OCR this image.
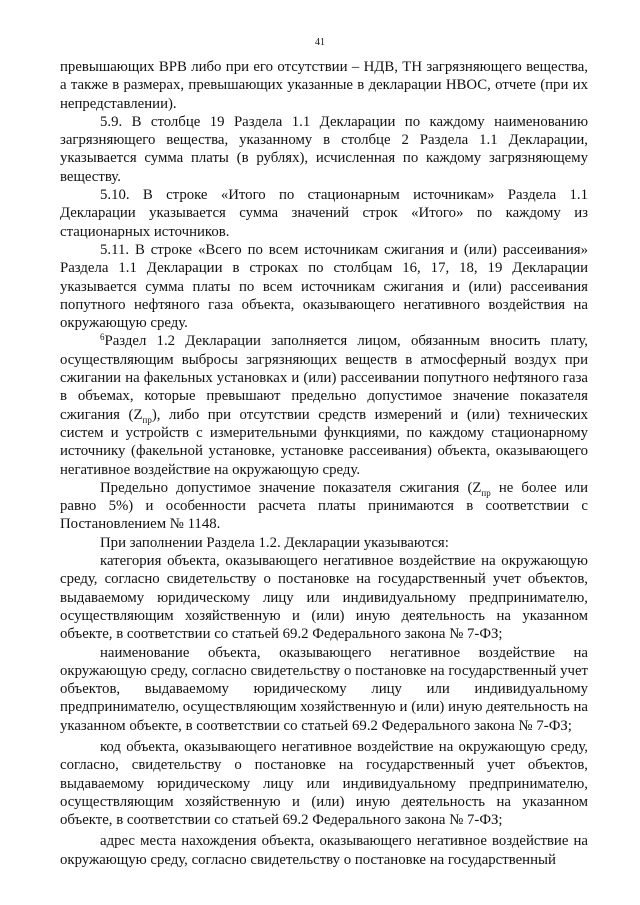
41

превышающих ВРВ либо при его отсутствии – НДВ, ТН загрязняющего вещества, а также в размерах, превышающих указанные в декларации НВОС, отчете (при их непредставлении).

5.9. В столбце 19 Раздела 1.1 Декларации по каждому наименованию загрязняющего вещества, указанному в столбце 2 Раздела 1.1 Декларации, указывается сумма платы (в рублях), исчисленная по каждому загрязняющему веществу.

5.10. В строке «Итого по стационарным источникам» Раздела 1.1 Декларации указывается сумма значений строк «Итого» по каждому из стационарных источников.

5.11. В строке «Всего по всем источникам сжигания и (или) рассеивания» Раздела 1.1 Декларации в строках по столбцам 16, 17, 18, 19 Декларации указывается сумма платы по всем источникам сжигания и (или) рассеивания попутного нефтяного газа объекта, оказывающего негативного воздействия на окружающую среду.

$^6$Раздел 1.2 Декларации заполняется лицом, обязанным вносить плату, осуществляющим выбросы загрязняющих веществ в атмосферный воздух при сжигании на факельных установках и (или) рассеивании попутного нефтяного газа в объемах, которые превышают предельно допустимое значение показателя сжигания $(Z_{пр})$, либо при отсутствии средств измерений и (или) технических систем и устройств с измерительными функциями, по каждому стационарному источнику (факельной установке, установке рассеивания) объекта, оказывающего негативное воздействие на окружающую среду.

Предельно допустимое значение показателя сжигания ($Z_{пр}$ не более или равно 5%) и особенности расчета платы принимаются в соответствии с Постановлением № 1148.

При заполнении Раздела 1.2. Декларации указываются:

категория объекта, оказывающего негативное воздействие на окружающую среду, согласно свидетельству о постановке на государственный учет объектов, выдаваемому юридическому лицу или индивидуальному предпринимателю, осуществляющим хозяйственную и (или) иную деятельность на указанном объекте, в соответствии со статьей 69.2 Федерального закона № 7-ФЗ;

наименование объекта, оказывающего негативное воздействие на окружающую среду, согласно свидетельству о постановке на государственный учет объектов, выдаваемому юридическому лицу или индивидуальному предпринимателю, осуществляющим хозяйственную и (или) иную деятельность на указанном объекте, в соответствии со статьей 69.2 Федерального закона № 7-ФЗ;

код объекта, оказывающего негативное воздействие на окружающую среду, согласно, свидетельству о постановке на государственный учет объектов, выдаваемому юридическому лицу или индивидуальному предпринимателю, осуществляющим хозяйственную и (или) иную деятельность на указанном объекте, в соответствии со статьей 69.2 Федерального закона № 7-ФЗ;

адрес места нахождения объекта, оказывающего негативное воздействие на окружающую среду, согласно свидетельству о постановке на государственный
